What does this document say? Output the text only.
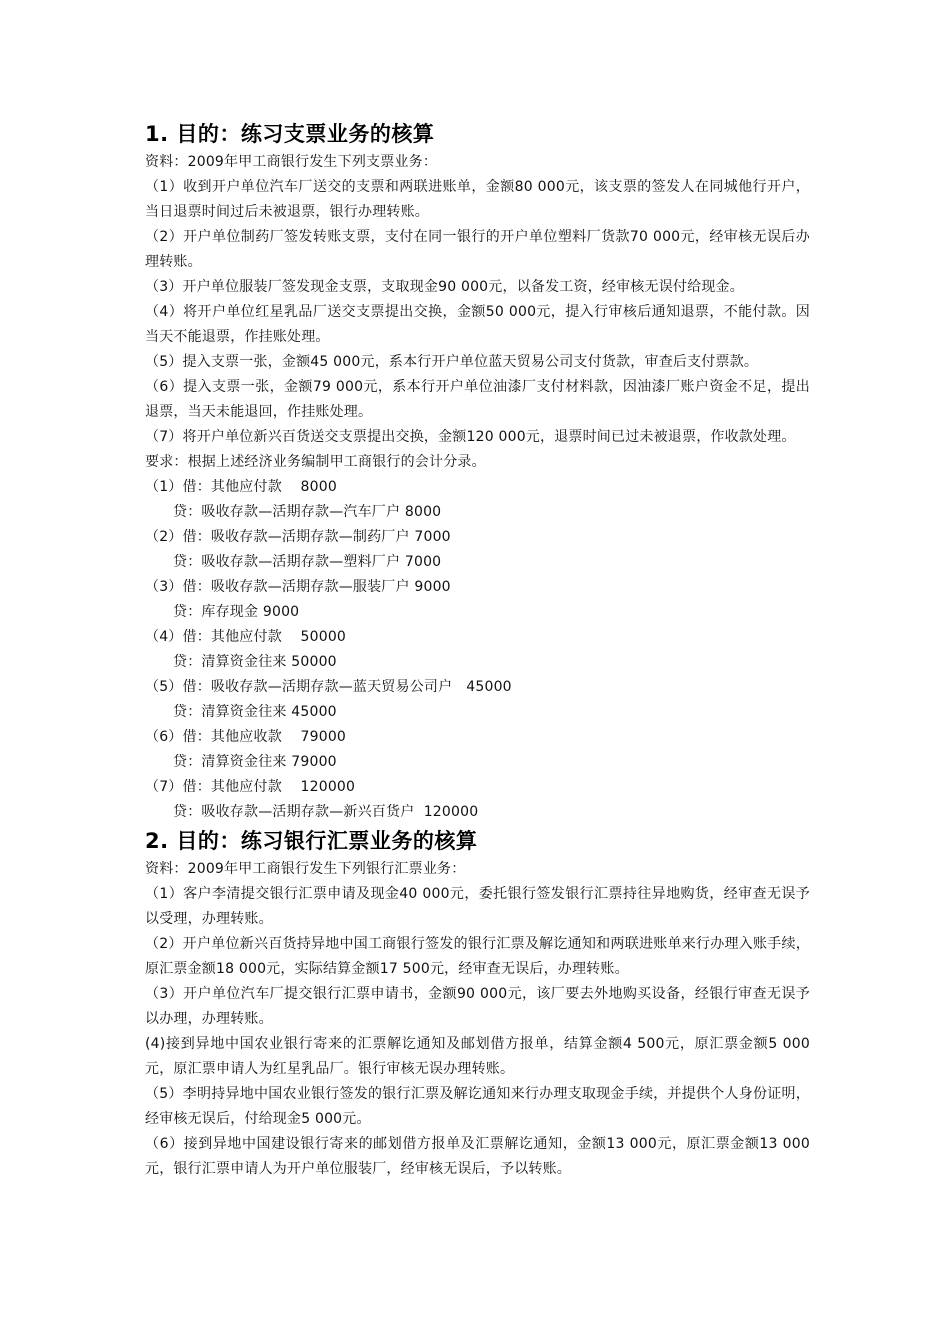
1. 目的：练习支票业务的核算

资料：2009年甲工商银行发生下列支票业务：

（1）收到开户单位汽车厂送交的支票和两联进账单，金额80 000元，该支票的签发人在同城他行开户，当日退票时间过后未被退票，银行办理转账。

（2）开户单位制药厂签发转账支票，支付在同一银行的开户单位塑料厂货款70 000元，经审核无误后办理转账。

（3）开户单位服装厂签发现金支票，支取现金90 000元，以备发工资，经审核无误付给现金。

（4）将开户单位红星乳品厂送交支票提出交换，金额50 000元，提入行审核后通知退票，不能付款。因当天不能退票，作挂账处理。

（5）提入支票一张，金额45 000元，系本行开户单位蓝天贸易公司支付货款，审查后支付票款。

（6）提入支票一张，金额79 000元，系本行开户单位油漆厂支付材料款，因油漆厂账户资金不足，提出退票，当天未能退回，作挂账处理。

（7）将开户单位新兴百货送交支票提出交换，金额120 000元，退票时间已过未被退票，作收款处理。

要求：根据上述经济业务编制甲工商银行的会计分录。

（1）借：其他应付款    8000

贷：吸收存款—活期存款—汽车厂户 8000

（2）借：吸收存款—活期存款—制药厂户 7000

贷：吸收存款—活期存款—塑料厂户 7000

（3）借：吸收存款—活期存款—服装厂户 9000

贷：库存现金 9000

（4）借：其他应付款    50000

贷：清算资金往来 50000

（5）借：吸收存款—活期存款—蓝天贸易公司户   45000

贷：清算资金往来 45000

（6）借：其他应收款    79000

贷：清算资金往来 79000

（7）借：其他应付款    120000

贷：吸收存款—活期存款—新兴百货户  120000

2. 目的：练习银行汇票业务的核算

资料：2009年甲工商银行发生下列银行汇票业务：

（1）客户李清提交银行汇票申请及现金40 000元，委托银行签发银行汇票持往异地购货，经审查无误予以受理，办理转账。

（2）开户单位新兴百货持异地中国工商银行签发的银行汇票及解讫通知和两联进账单来行办理入账手续，原汇票金额18 000元，实际结算金额17 500元，经审查无误后，办理转账。

（3）开户单位汽车厂提交银行汇票申请书，金额90 000元，该厂要去外地购买设备，经银行审查无误予以办理，办理转账。

(4)接到异地中国农业银行寄来的汇票解讫通知及邮划借方报单，结算金额4 500元，原汇票金额5 000元，原汇票申请人为红星乳品厂。银行审核无误办理转账。

（5）李明持异地中国农业银行签发的银行汇票及解讫通知来行办理支取现金手续，并提供个人身份证明，经审核无误后，付给现金5 000元。

（6）接到异地中国建设银行寄来的邮划借方报单及汇票解讫通知，金额13 000元，原汇票金额13 000元，银行汇票申请人为开户单位服装厂，经审核无误后，予以转账。
